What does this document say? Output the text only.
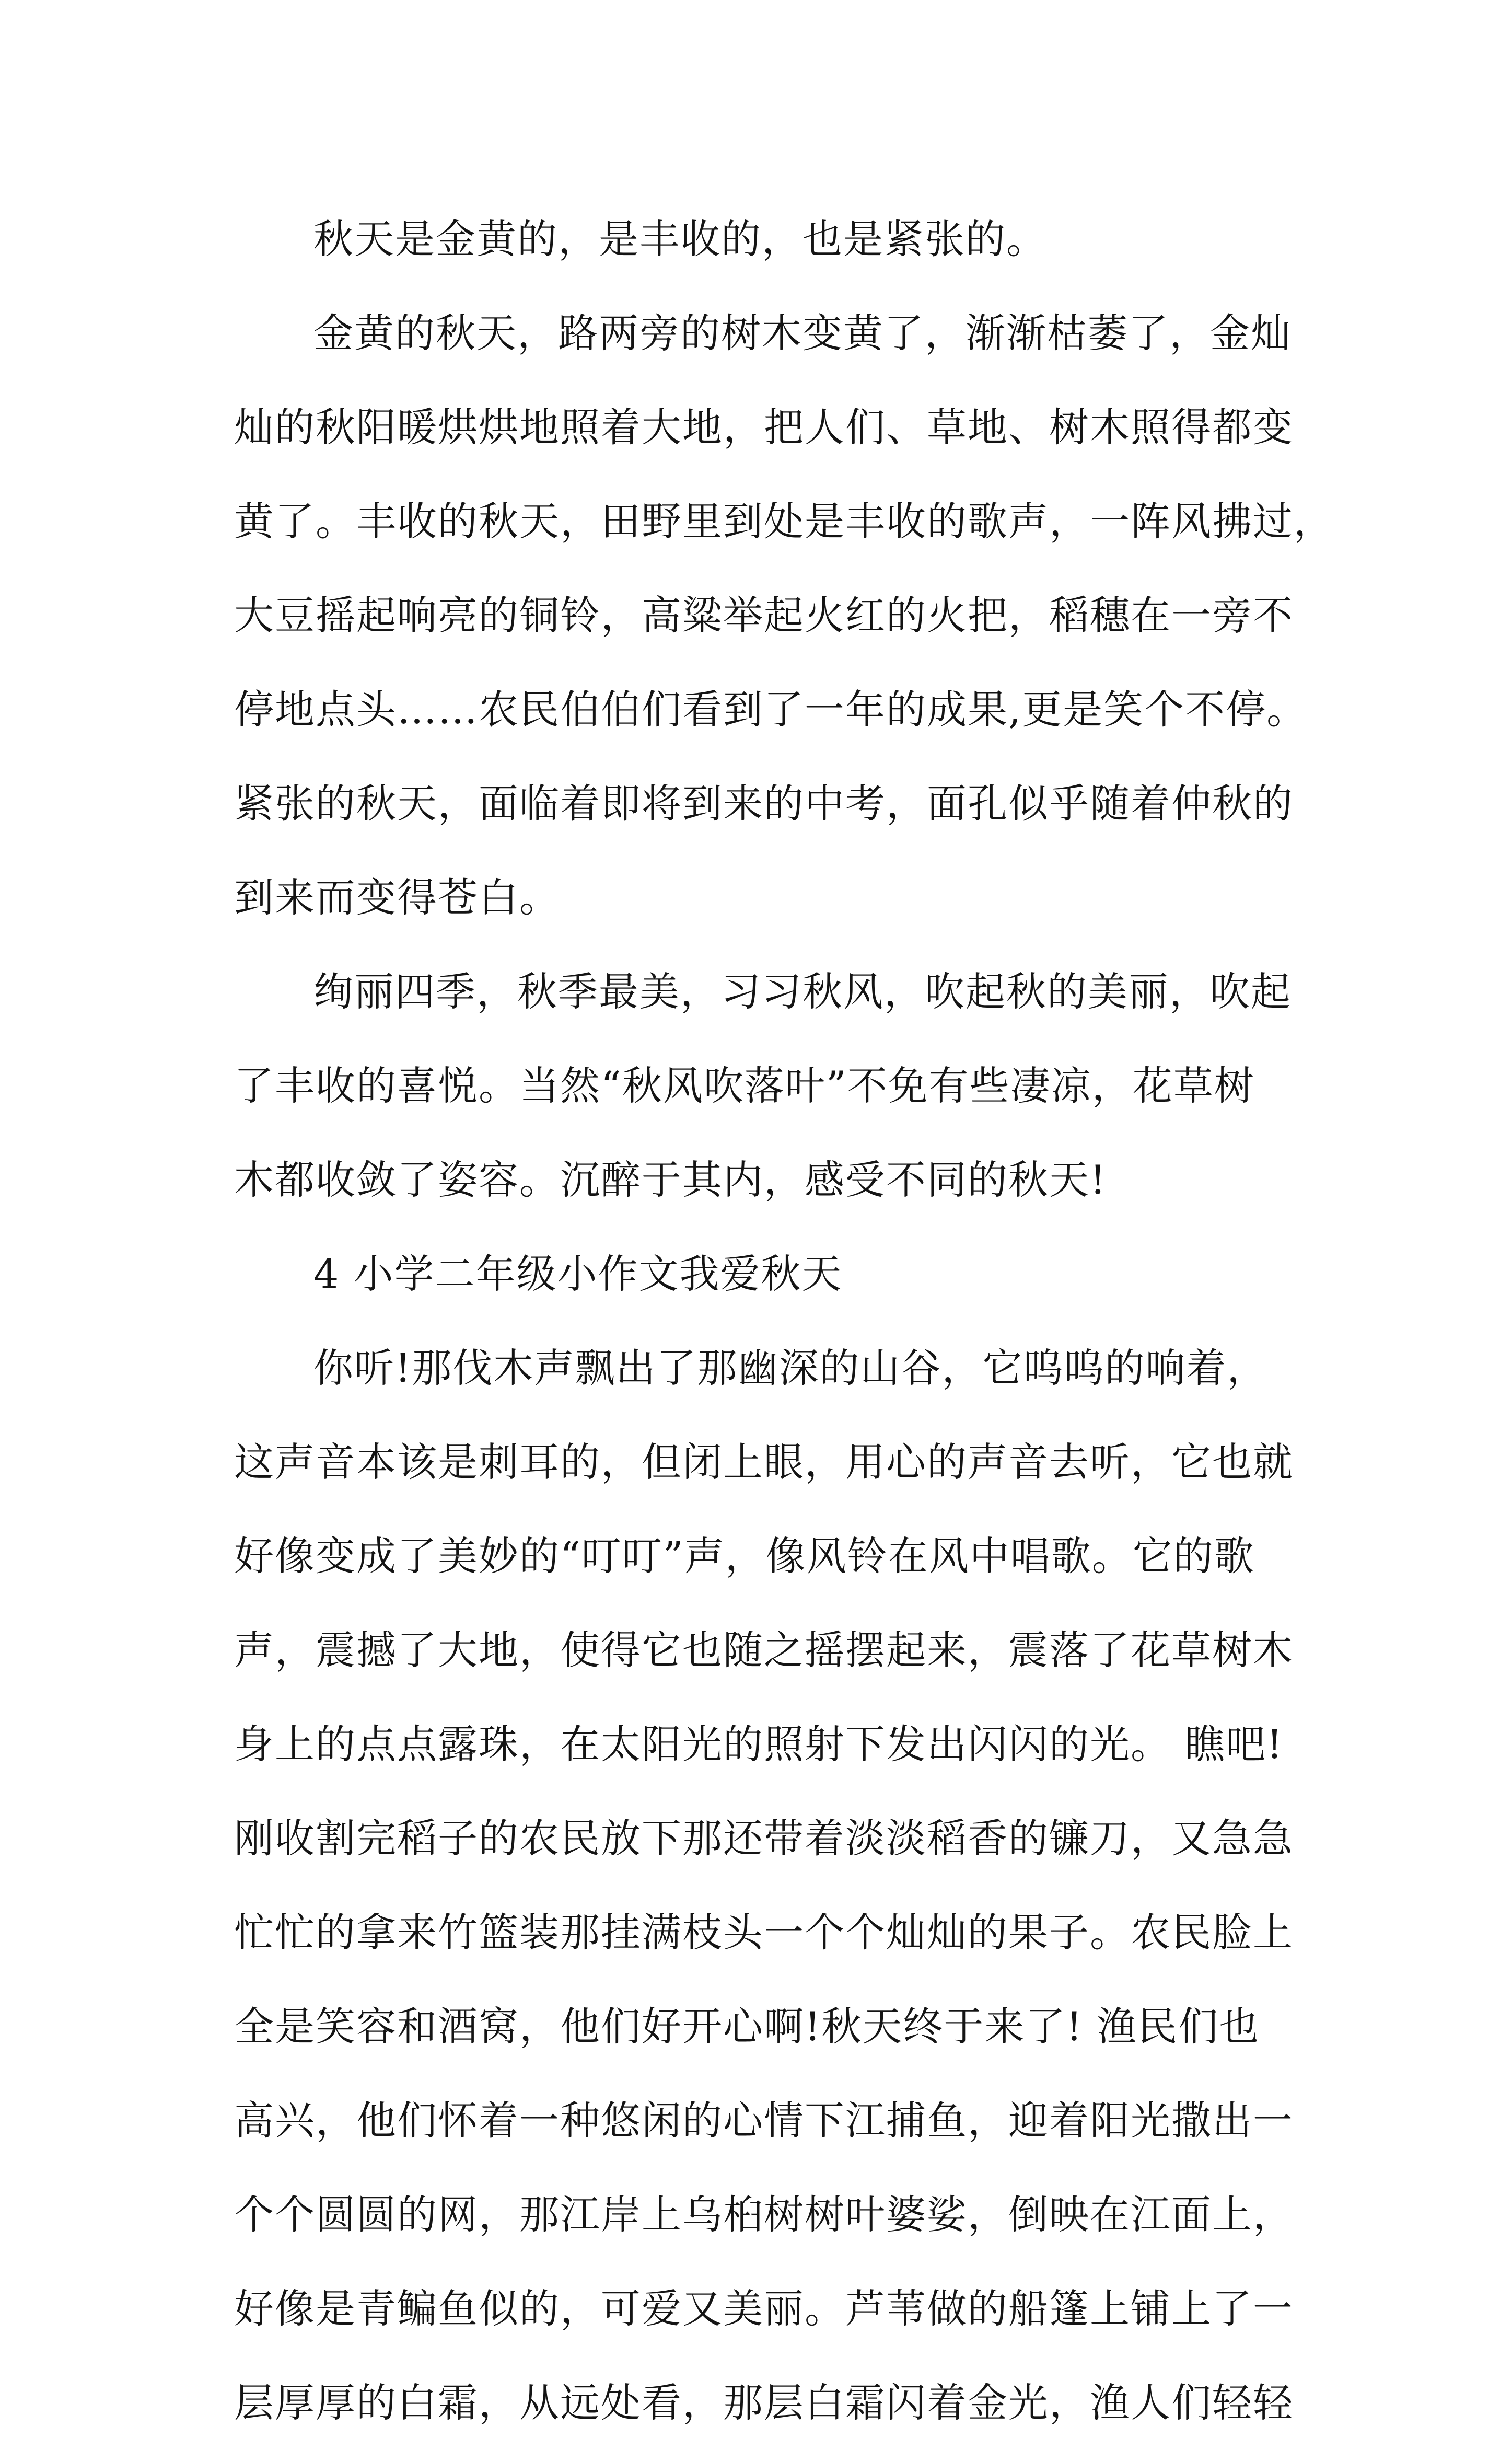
秋天是金黄的，是丰收的，也是紧张的。
金黄的秋天，路两旁的树木变黄了，渐渐枯萎了，金灿
灿的秋阳暖烘烘地照着大地，把人们、草地、树木照得都变
黄了。丰收的秋天，田野里到处是丰收的歌声，一阵风拂过，
大豆摇起响亮的铜铃，高粱举起火红的火把，稻穗在一旁不
停地点头……农民伯伯们看到了一年的成果,更是笑个不停。
紧张的秋天，面临着即将到来的中考，面孔似乎随着仲秋的
到来而变得苍白。
绚丽四季，秋季最美，习习秋风，吹起秋的美丽，吹起
了丰收的喜悦。当然“秋风吹落叶”不免有些凄凉，花草树
木都收敛了姿容。沉醉于其内，感受不同的秋天!
4 小学二年级小作文我爱秋天
你听!那伐木声飘出了那幽深的山谷，它呜呜的响着，
这声音本该是刺耳的，但闭上眼，用心的声音去听，它也就
好像变成了美妙的“叮叮”声，像风铃在风中唱歌。它的歌
声，震撼了大地，使得它也随之摇摆起来，震落了花草树木
身上的点点露珠，在太阳光的照射下发出闪闪的光。 瞧吧!
刚收割完稻子的农民放下那还带着淡淡稻香的镰刀，又急急
忙忙的拿来竹篮装那挂满枝头一个个灿灿的果子。农民脸上
全是笑容和酒窝，他们好开心啊!秋天终于来了! 渔民们也
高兴，他们怀着一种悠闲的心情下江捕鱼，迎着阳光撒出一
个个圆圆的网，那江岸上乌桕树树叶婆娑，倒映在江面上，
好像是青鳊鱼似的，可爱又美丽。芦苇做的船篷上铺上了一
层厚厚的白霜，从远处看，那层白霜闪着金光，渔人们轻轻
